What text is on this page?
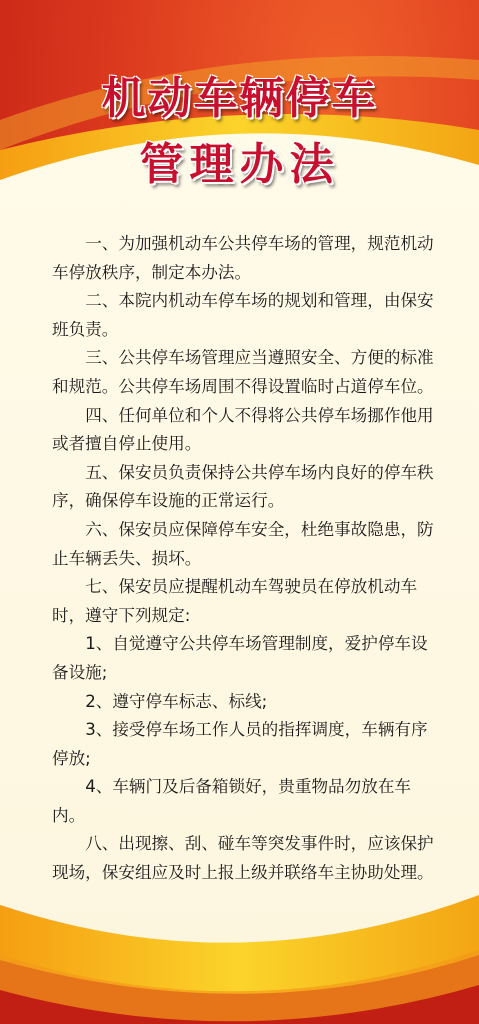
机动车辆停车
管理办法

一、为加强机动车公共停车场的管理，规范机动车停放秩序，制定本办法。

二、本院内机动车停车场的规划和管理，由保安班负责。

三、公共停车场管理应当遵照安全、方便的标准和规范。公共停车场周围不得设置临时占道停车位。

四、任何单位和个人不得将公共停车场挪作他用或者擅自停止使用。

五、保安员负责保持公共停车场内良好的停车秩序，确保停车设施的正常运行。

六、保安员应保障停车安全，杜绝事故隐患，防止车辆丢失、损坏。

七、保安员应提醒机动车驾驶员在停放机动车时，遵守下列规定:

1、自觉遵守公共停车场管理制度，爱护停车设备设施;

2、遵守停车标志、标线;

3、接受停车场工作人员的指挥调度，车辆有序停放;

4、车辆门及后备箱锁好，贵重物品勿放在车内。

八、出现擦、刮、碰车等突发事件时，应该保护现场，保安组应及时上报上级并联络车主协助处理。
